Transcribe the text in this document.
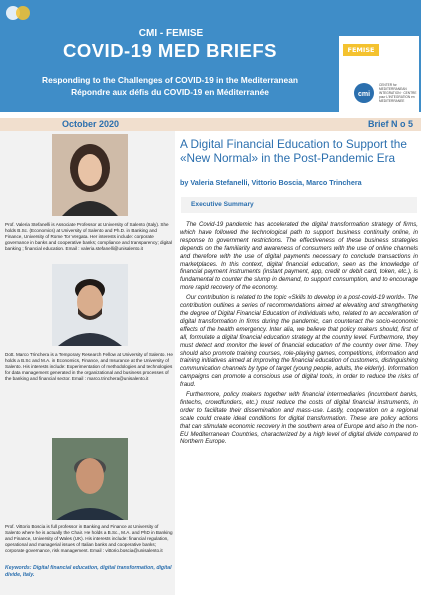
CMI - FEMISE
COVID-19 MED BRIEFS
Responding to the Challenges of COVID-19 in the Mediterranean
Répondre aux défis du COVID-19 en Méditerranée
FEMISE
cmi
CENTER for MEDITERRANEAN INTEGRATION · CENTRE pour L'INTEGRATION en MEDITERRANEE
October 2020	Brief N o 5
Prof. Valeria Stefanelli is Associate Professor at University of Salento (Italy). She holds B.Sc. (Economics) at University of Salento and Ph.D. in Banking and Finance, University of Rome Tor Vergata. Her interests include: corporate governance in banks and cooperative banks; compliance and transparency; digital banking ; financial education. Email : valeria.stefanelli@unisalento.it
Dott. Marco Trinchera is a Temporary Research Fellow at University of Salento. He holds a B.Sc and M.A. in Economics, Finance, and Insurance at the University of Salento. His interests include: Experimentation of methodologies and technologies for data management generated in the organizational and business processes of the banking and financial sector. Email : marco.trinchera@unisalento.it
Prof. Vittorio Boscia is full professor in Banking and Finance at University of Salento where he is actually the Chair. He holds a B.Sc., M.A. and PhD in Banking and Finance, University of Wales (UK). His interests include: financial regulation, operational and managerial issues of Italian banks and cooperative banks; corporate governance, risk management. Email : vittorio.boscia@unisalento.it
Keywords: Digital financial education, digital transformation, digital divide, Italy.
A Digital Financial Education to Support the «New Normal» in the Post-Pandemic Era
by Valeria Stefanelli, Vittorio Boscia, Marco Trinchera
Executive Summary

The Covid-19 pandemic has accelerated the digital transformation strategy of firms, which have followed the technological path to support business continuity online, in response to government restrictions. The effectiveness of these business strategies depends on the familiarity and awareness of consumers with the use of online channels and therefore with the use of digital payments necessary to conclude transactions in marketplaces. In this context, digital financial education, seen as the knowledge of financial payment instruments (instant payment, app, credit or debit card, token, etc.), is fundamental to counter the slump in demand, to support consumption, and to encourage more rapid recovery of the economy.

Our contribution is related to the topic «Skills to develop in a post-covid-19 world». The contribution outlines a series of recommendations aimed at elevating and strengthening the degree of Digital Financial Education of individuals who, related to an acceleration of digital transformation in firms during the pandemic, can counteract the socio-economic effects of the health emergency. Inter alia, we believe that policy makers should, first of all, formulate a digital financial education strategy at the country level. Furthermore, they must detect and monitor the level of financial education of the country over time. They should also promote training courses, role-playing games, competitions, information and training initiatives aimed at improving the financial education of customers, distinguishing communication channels by type of target (young people, adults, the elderly). Information campaigns can promote a conscious use of digital tools, in order to reduce the risks of fraud.

Furthermore, policy makers together with financial intermediaries (incumbent banks, fintechs, crowdfunders, etc.) must reduce the costs of digital financial instruments, in order to facilitate their dissemination and mass-use. Lastly, cooperation on a regional scale could create ideal conditions for digital transformation. These are policy actions that can stimulate economic recovery in the southern area of Europe and also in the non-EU Mediterranean Countries, characterized by a high level of digital divide compared to Northern Europe.
